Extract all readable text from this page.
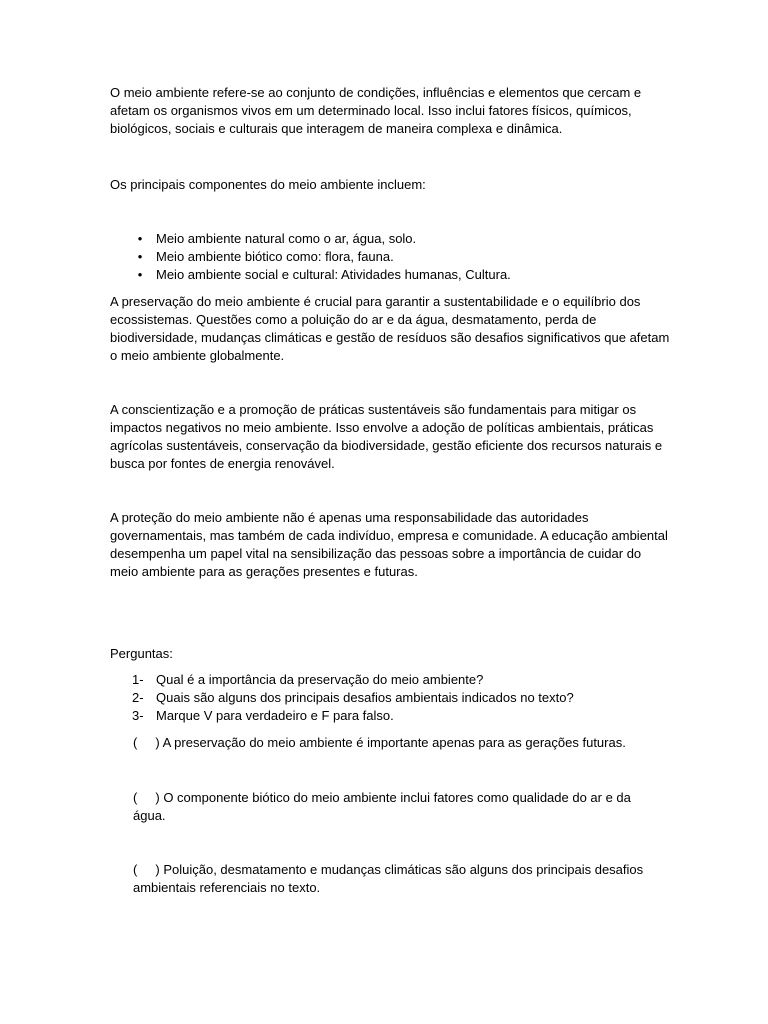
O meio ambiente refere-se ao conjunto de condições, influências e elementos que cercam e afetam os organismos vivos em um determinado local. Isso inclui fatores físicos, químicos, biológicos, sociais e culturais que interagem de maneira complexa e dinâmica.

Os principais componentes do meio ambiente incluem:

• Meio ambiente natural como o ar, água, solo.
• Meio ambiente biótico como: flora, fauna.
• Meio ambiente social e cultural: Atividades humanas, Cultura.

A preservação do meio ambiente é crucial para garantir a sustentabilidade e o equilíbrio dos ecossistemas. Questões como a poluição do ar e da água, desmatamento, perda de biodiversidade, mudanças climáticas e gestão de resíduos são desafios significativos que afetam o meio ambiente globalmente.

A conscientização e a promoção de práticas sustentáveis são fundamentais para mitigar os impactos negativos no meio ambiente. Isso envolve a adoção de políticas ambientais, práticas agrícolas sustentáveis, conservação da biodiversidade, gestão eficiente dos recursos naturais e busca por fontes de energia renovável.

A proteção do meio ambiente não é apenas uma responsabilidade das autoridades governamentais, mas também de cada indivíduo, empresa e comunidade. A educação ambiental desempenha um papel vital na sensibilização das pessoas sobre a importância de cuidar do meio ambiente para as gerações presentes e futuras.

Perguntas:

1- Qual é a importância da preservação do meio ambiente?
2- Quais são alguns dos principais desafios ambientais indicados no texto?
3- Marque V para verdadeiro e F para falso.

(     ) A preservação do meio ambiente é importante apenas para as gerações futuras.

(     ) O componente biótico do meio ambiente inclui fatores como qualidade do ar e da água.

(     ) Poluição, desmatamento e mudanças climáticas são alguns dos principais desafios ambientais referenciais no texto.
